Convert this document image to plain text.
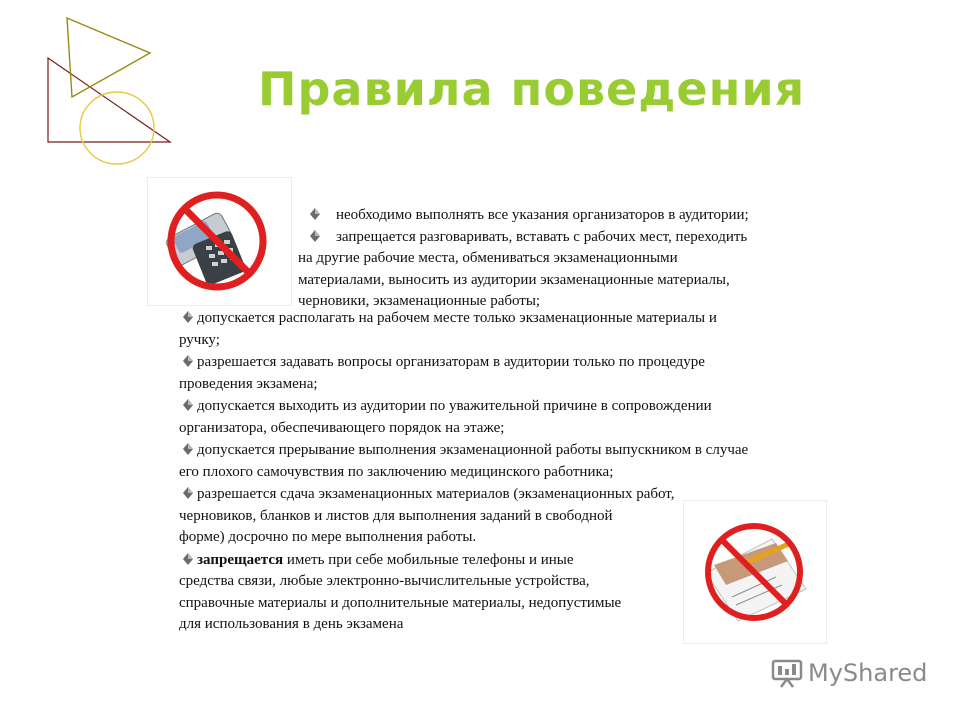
Правила поведения
необходимо выполнять все указания организаторов в аудитории;
запрещается разговаривать, вставать с рабочих мест, переходить
на другие рабочие места, обмениваться экзаменационными
материалами, выносить из аудитории экзаменационные материалы,
черновики, экзаменационные работы;
допускается располагать на рабочем месте только экзаменационные материалы и
ручку;
разрешается задавать вопросы организаторам в аудитории только по процедуре
проведения экзамена;
допускается выходить из аудитории по уважительной причине в сопровождении
организатора, обеспечивающего порядок на этаже;
допускается прерывание выполнения экзаменационной работы выпускником в случае
его плохого самочувствия по заключению медицинского работника;
разрешается сдача экзаменационных материалов (экзаменационных работ,
черновиков, бланков и листов для выполнения заданий в свободной
форме) досрочно по мере выполнения работы.
запрещается иметь при себе мобильные телефоны и иные
средства связи, любые электронно-вычислительные устройства,
справочные материалы и дополнительные материалы, недопустимые
для использования в день экзамена
MyShared
